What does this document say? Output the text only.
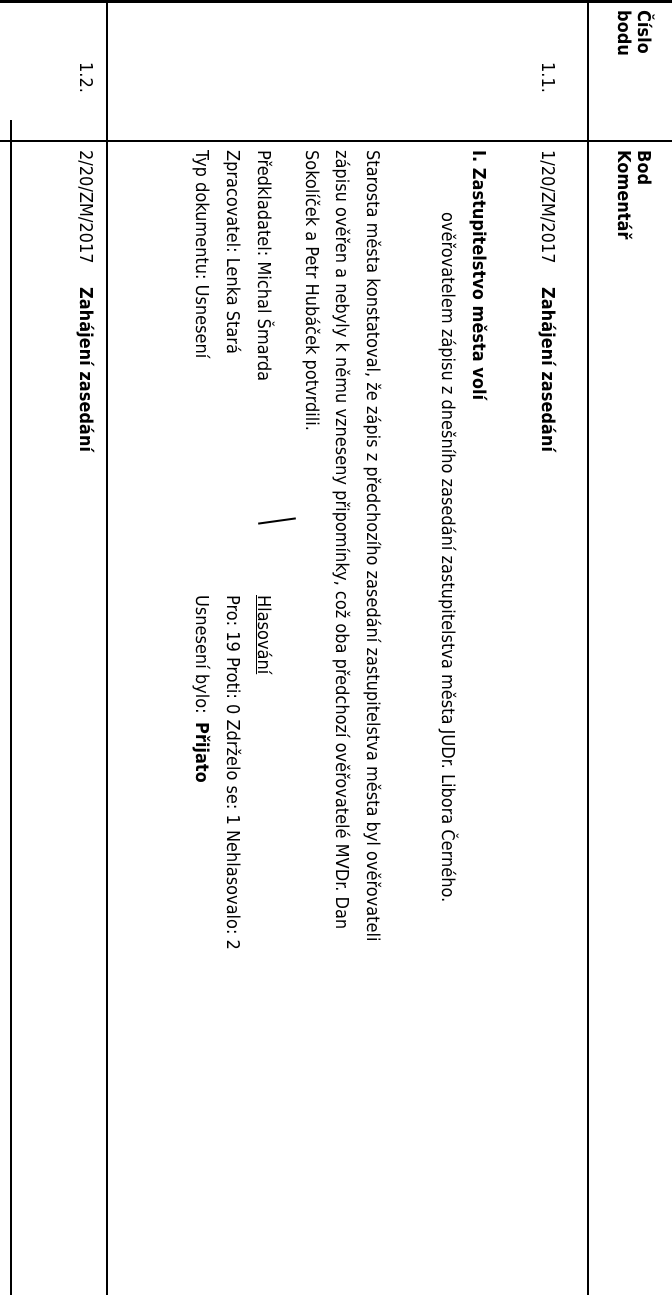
Číslo
bodu
Bod
Komentář
1.1.
1/20/ZM/2017
Zahájení zasedání
I. Zastupitelstvo města volí
ověřovatelem zápisu z dnešního zasedání zastupitelstva města JUDr. Libora Černého.
Starosta města konstatoval, že zápis z předchozího zasedání zastupitelstva města byl ověřovateli
zápisu ověřen a nebyly k němu vzneseny připomínky, což oba předchozí ověřovatelé MVDr. Dan
Sokolíček a Petr Hubáček potvrdili.
Předkladatel: Michal Šmarda
Zpracovatel: Lenka Stará
Typ dokumentu: Usnesení
Hlasování
Pro: 19 Proti: 0 Zdrželo se: 1 Nehlasovalo: 2
Usnesení bylo:
Přijato
1.2.
2/20/ZM/2017
Zahájení zasedání
